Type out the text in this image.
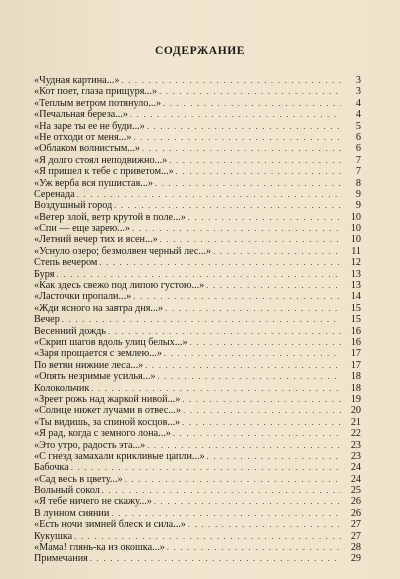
СОДЕРЖАНИЕ
«Чудная картина...» . . .	3
«Кот поет, глаза прищуря...» . . .	3
«Теплым ветром потянуло...» . . .	4
«Печальная береза...» . . .	4
«На заре ты ее не буди...» . . .	5
«Не отходи от меня...» . . .	6
«Облаком волнистым...» . . .	6
«Я долго стоял неподвижно...» . . .	7
«Я пришел к тебе с приветом...» . . .	7
«Уж верба вся пушистая...» . . .	8
Серенада . . .	9
Воздушный город . . .	9
«Ветер злой, ветр крутой в поле...» . . .	10
«Спи — еще зарею...» . . .	10
«Летний вечер тих и ясен...» . . .	10
«Уснуло озеро; безмолвен черный лес...» . . .	11
Степь вечером . . .	12
Буря . . .	13
«Как здесь свежо под липою густою...» . . .	13
«Ласточки пропали...» . . .	14
«Жди ясного на завтра дня...» . . .	15
Вечер . . .	15
Весенний дождь . . .	16
«Скрип шагов вдоль улиц белых...» . . .	16
«Заря прощается с землею...» . . .	17
По ветви нижние леса...» . . .	17
«Опять незримые усилья...» . . .	18
Колокольчик . . .	18
«Зреет рожь над жаркой нивой...» . . .	19
«Солнце нижет лучами в отвес...» . . .	20
«Ты видишь, за спиной косцов...» . . .	21
«Я рад, когда с земного лона...» . . .	22
«Это утро, радость эта...» . . .	23
«С гнезд замахали крикливые цапли...» . . .	23
Бабочка . . .	24
«Сад весь в цвету...» . . .	24
Вольный сокол . . .	25
«Я тебе ничего не скажу...» . . .	26
В лунном сиянии . . .	26
«Есть ночи зимней блеск и сила...» . . .	27
Кукушка . . .	27
«Мама! глянь-ка из окошка...» . . .	28
Примечания . . .	29
